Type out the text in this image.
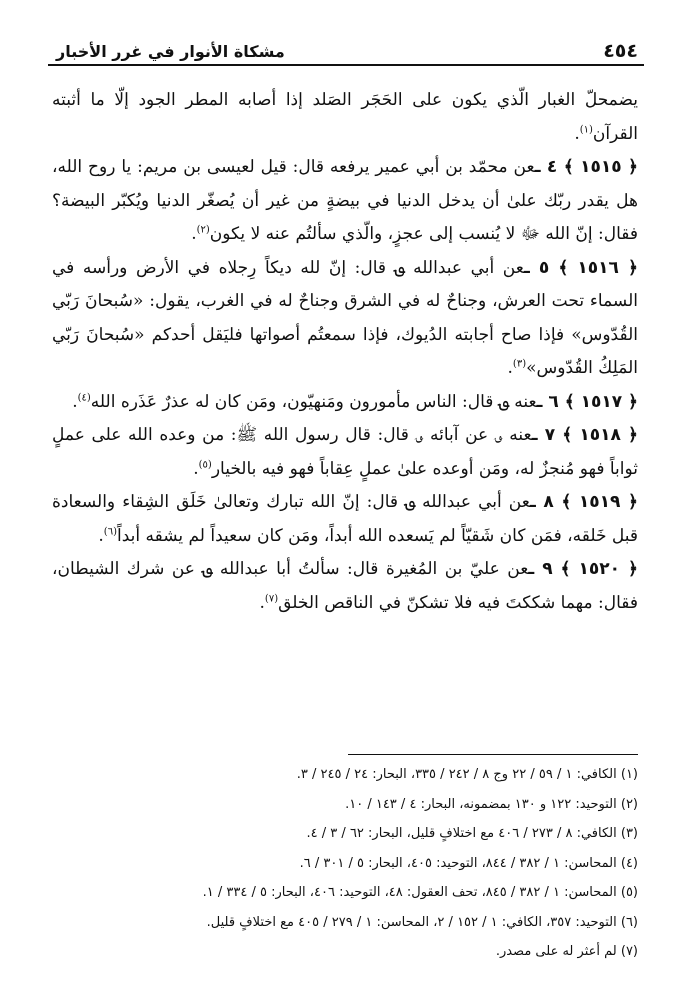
٤٥٤
مشكاة الأنوار في غرر الأخبار

يضمحلّ الغبار الّذي يكون على الحَجَر الصَلد إذا أصابه المطر الجود إلّا ما أثبته القرآن$^{(١)}$.

﴿ ١٥١٥ ﴾ ٤ ـعن محمّد بن أبي عمير يرفعه قال: قيل لعيسى بن مريم: يا روح الله، هل يقدر ربّك علىٰ أن يدخل الدنيا في بيضةٍ من غير أن يُصغّر الدنيا ويُكبّر البيضة؟ فقال: إنّ الله ﷻ لا يُنسب إلى عجزٍ، والّذي سألتُم عنه لا يكون$^{(٢)}$.

﴿ ١٥١٦ ﴾ ٥ ـعن أبي عبدالله ؈ قال: إنّ لله ديكاً رِجلاه في الأرض ورأسه في السماء تحت العرش، وجناحٌ له في الشرق وجناحٌ له في الغرب، يقول: «سُبحانَ رَبّي القُدّوس» فإذا صاح أجابته الدُيوك، فإذا سمعتُم أصواتها فليَقل أحدكم «سُبحانَ رَبّي المَلِكُ القُدّوس»$^{(٣)}$.

﴿ ١٥١٧ ﴾ ٦ ـعنه ؈ قال: الناس مأمورون ومَنهيّون، ومَن كان له عذرٌ عَذَره الله$^{(٤)}$.

﴿ ١٥١٨ ﴾ ٧ ـعنه ؈ عن آبائه ؈ قال: قال رسول الله ﷺ: من وعده الله على عملٍ ثواباً فهو مُنجزٌ له، ومَن أوعده علىٰ عملٍ عِقاباً فهو فيه بالخيار$^{(٥)}$.

﴿ ١٥١٩ ﴾ ٨ ـعن أبي عبدالله ؈ قال: إنّ الله تبارك وتعالىٰ خَلَق الشِقاء والسعادة قبل خَلقه، فمَن كان شَقيّاً لم يَسعده الله أبداً، ومَن كان سعيداً لم يشقه أبداً$^{(٦)}$.

﴿ ١٥٢٠ ﴾ ٩ ـعن عليّ بن المُغيرة قال: سألتُ أبا عبدالله ؈ عن شرك الشيطان، فقال: مهما شككتَ فيه فلا تشكنّ في الناقص الخلق$^{(٧)}$.

(١) الكافي: ١ / ٥٩ / ٢٢ وج ٨ / ٢٤٢ / ٣٣٥، البحار: ٢٤ / ٢٤٥ / ٣.

(٢) التوحيد: ١٢٢ و ١٣٠ بمضمونه، البحار: ٤ / ١٤٣ / ١٠.

(٣) الكافي: ٨ / ٢٧٣ / ٤٠٦ مع اختلافٍ قليل، البحار: ٦٢ / ٣ / ٤.

(٤) المحاسن: ١ / ٣٨٢ / ٨٤٤، التوحيد: ٤٠٥، البحار: ٥ / ٣٠١ / ٦.

(٥) المحاسن: ١ / ٣٨٢ / ٨٤٥، تحف العقول: ٤٨، التوحيد: ٤٠٦، البحار: ٥ / ٣٣٤ / ١.

(٦) التوحيد: ٣٥٧، الكافي: ١ / ١٥٢ / ٢، المحاسن: ١ / ٢٧٩ / ٤٠٥ مع اختلافٍ قليل.

(٧) لم أعثر له على مصدر.
